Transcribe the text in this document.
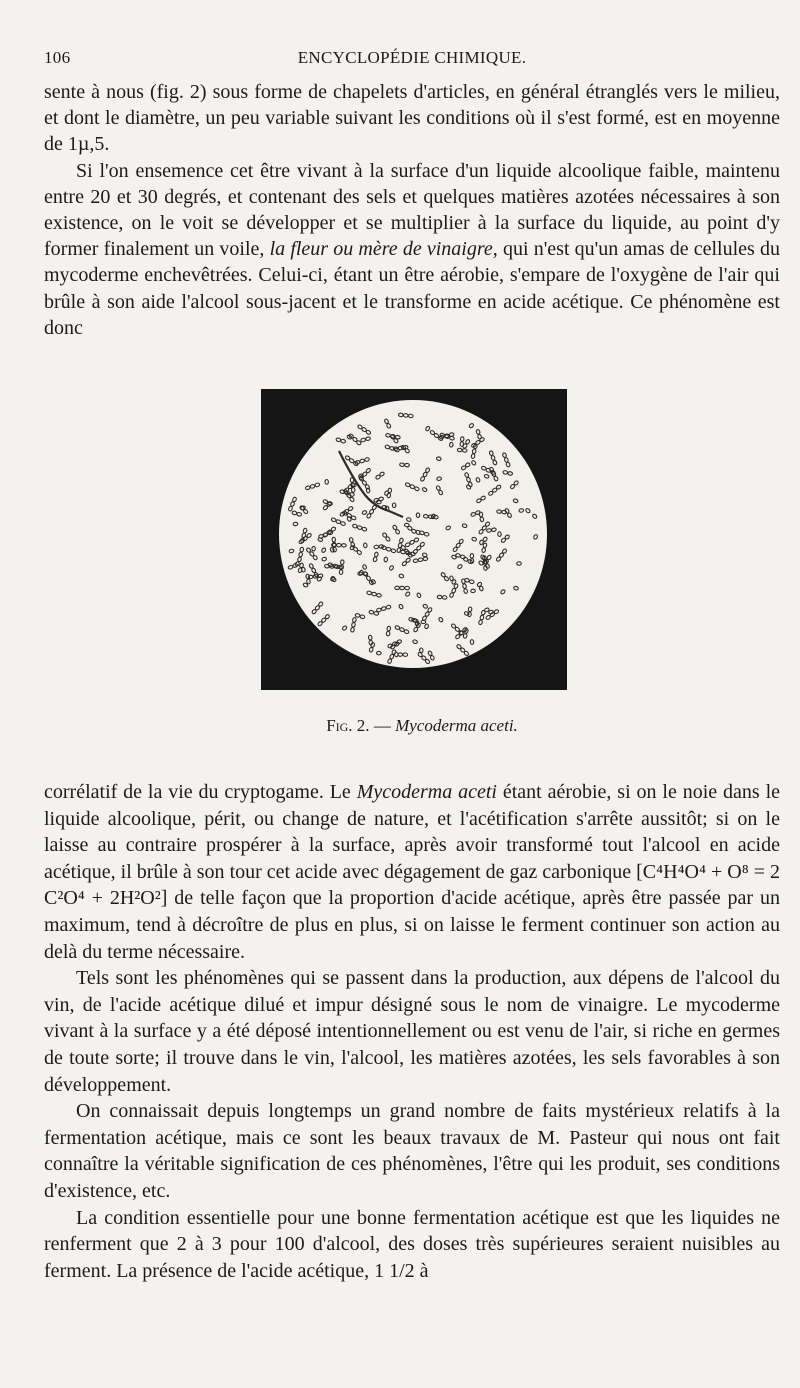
106	ENCYCLOPÉDIE CHIMIQUE.

sente à nous (fig. 2) sous forme de chapelets d'articles, en général étranglés vers le milieu, et dont le diamètre, un peu variable suivant les conditions où il s'est formé, est en moyenne de 1µ,5.

Si l'on ensemence cet être vivant à la surface d'un liquide alcoolique faible, maintenu entre 20 et 30 degrés, et contenant des sels et quelques matières azotées nécessaires à son existence, on le voit se développer et se multiplier à la surface du liquide, au point d'y former finalement un voile, la fleur ou mère de vinaigre, qui n'est qu'un amas de cellules du mycoderme enchevêtrées. Celui-ci, étant un être aérobie, s'empare de l'oxygène de l'air qui brûle à son aide l'alcool sous-jacent et le transforme en acide acétique. Ce phénomène est donc

Fig. 2. — Mycoderma aceti.

corrélatif de la vie du cryptogame. Le Mycoderma aceti étant aérobie, si on le noie dans le liquide alcoolique, périt, ou change de nature, et l'acétification s'arrête aussitôt; si on le laisse au contraire prospérer à la surface, après avoir transformé tout l'alcool en acide acétique, il brûle à son tour cet acide avec dégagement de gaz carbonique [C⁴H⁴O⁴ + O⁸ = 2 C²O⁴ + 2H²O²] de telle façon que la proportion d'acide acétique, après être passée par un maximum, tend à décroître de plus en plus, si on laisse le ferment continuer son action au delà du terme nécessaire.

Tels sont les phénomènes qui se passent dans la production, aux dépens de l'alcool du vin, de l'acide acétique dilué et impur désigné sous le nom de vinaigre. Le mycoderme vivant à la surface y a été déposé intentionnellement ou est venu de l'air, si riche en germes de toute sorte; il trouve dans le vin, l'alcool, les matières azotées, les sels favorables à son développement.

On connaissait depuis longtemps un grand nombre de faits mystérieux relatifs à la fermentation acétique, mais ce sont les beaux travaux de M. Pasteur qui nous ont fait connaître la véritable signification de ces phénomènes, l'être qui les produit, ses conditions d'existence, etc.

La condition essentielle pour une bonne fermentation acétique est que les liquides ne renferment que 2 à 3 pour 100 d'alcool, des doses très supérieures seraient nuisibles au ferment. La présence de l'acide acétique, 1 1/2 à
